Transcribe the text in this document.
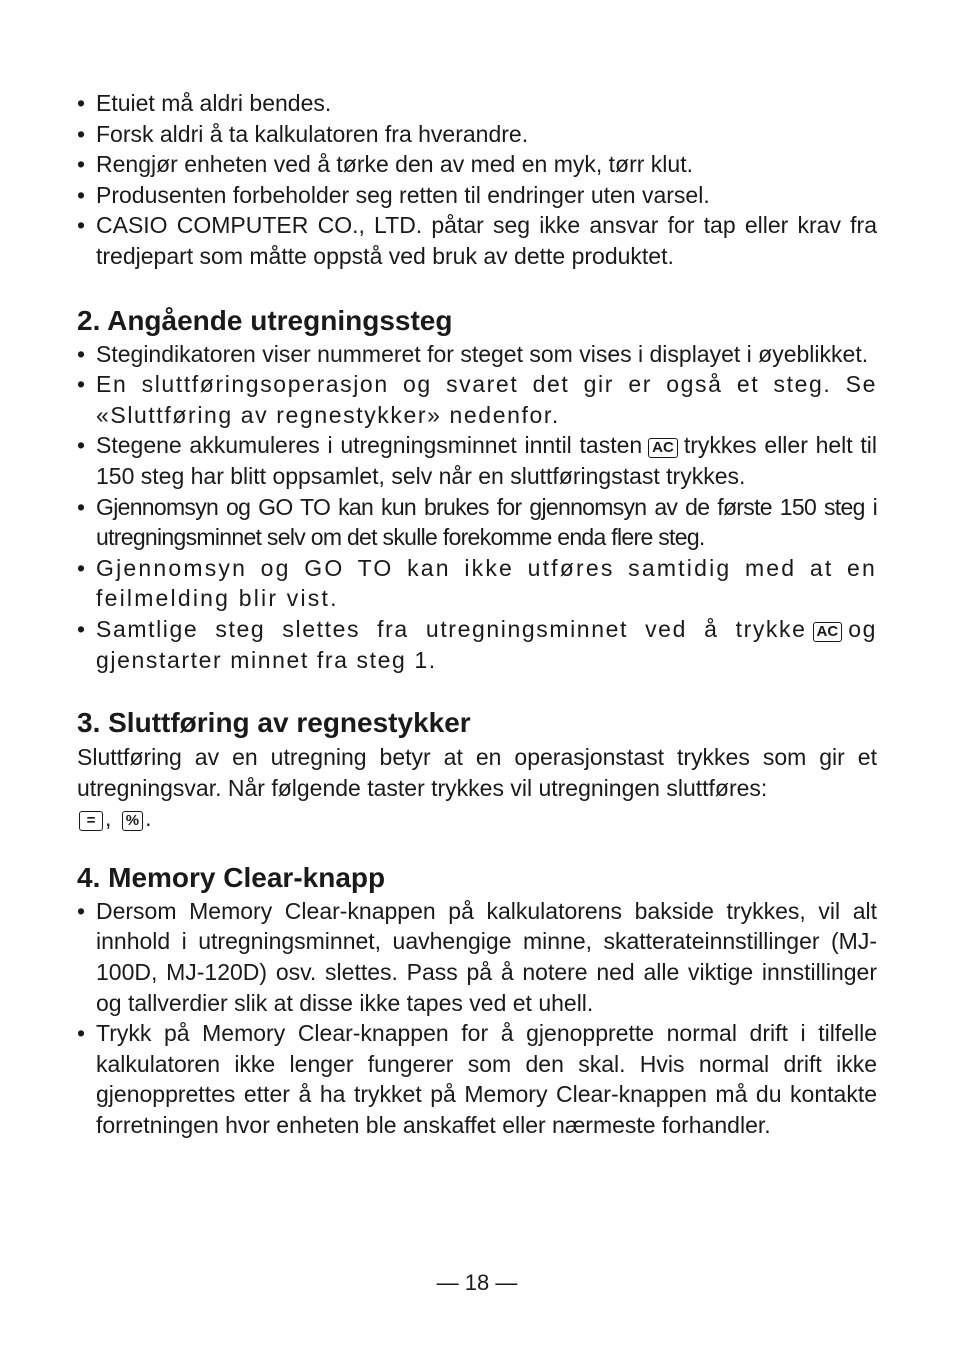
• Etuiet må aldri bendes.
• Forsk aldri å ta kalkulatoren fra hverandre.
• Rengjør enheten ved å tørke den av med en myk, tørr klut.
• Produsenten forbeholder seg retten til endringer uten varsel.
• CASIO COMPUTER CO., LTD. påtar seg ikke ansvar for tap eller krav fra tredjepart som måtte oppstå ved bruk av dette produktet.
2. Angående utregningssteg
• Stegindikatoren viser nummeret for steget som vises i displayet i øyeblikket.
• En sluttføringsoperasjon og svaret det gir er også et steg. Se «Sluttføring av regnestykker» nedenfor.
• Stegene akkumuleres i utregningsminnet inntil tasten AC trykkes eller helt til 150 steg har blitt oppsamlet, selv når en sluttføringstast trykkes.
• Gjennomsyn og GO TO kan kun brukes for gjennomsyn av de første 150 steg i utregningsminnet selv om det skulle forekomme enda flere steg.
• Gjennomsyn og GO TO kan ikke utføres samtidig med at en feilmelding blir vist.
• Samtlige steg slettes fra utregningsminnet ved å trykke AC og gjenstarter minnet fra steg 1.
3. Sluttføring av regnestykker
Sluttføring av en utregning betyr at en operasjonstast trykkes som gir et utregningsvar. Når følgende taster trykkes vil utregningen sluttføres:
= , % .
4. Memory Clear-knapp
• Dersom Memory Clear-knappen på kalkulatorens bakside trykkes, vil alt innhold i utregningsminnet, uavhengige minne, skatterateinnstillinger (MJ-100D, MJ-120D) osv. slettes. Pass på å notere ned alle viktige innstillinger og tallverdier slik at disse ikke tapes ved et uhell.
• Trykk på Memory Clear-knappen for å gjenopprette normal drift i tilfelle kalkulatoren ikke lenger fungerer som den skal. Hvis normal drift ikke gjenopprettes etter å ha trykket på Memory Clear-knappen må du kontakte forretningen hvor enheten ble anskaffet eller nærmeste forhandler.
— 18 —
